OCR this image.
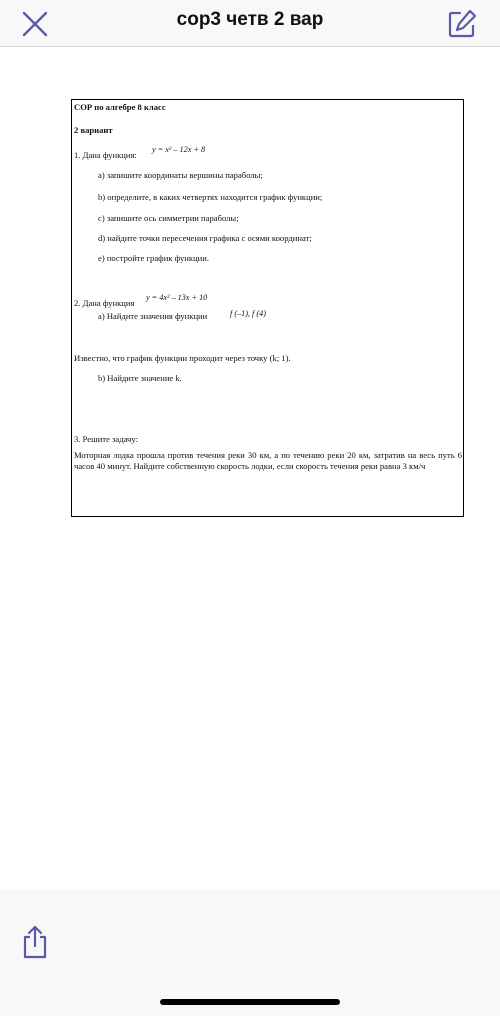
сор3 четв 2 вар
СОР по алгебре 8 класс
2 вариант
1. Дана функция:
y = x² – 12x + 8
a) запишите координаты вершины параболы;
b) определите, в каких четвертях находится график функции;
c) запишите ось симметрии параболы;
d) найдите точки пересечения графика с осями координат;
e) постройте график функции.
2. Дана функция
y = 4x² – 13x + 10
a) Найдите значения функции	f (–1), f (4)
Известно, что график функции проходит через точку (k; 1).
b) Найдите значение k.
3. Решите задачу:
Моторная лодка прошла против течения реки 30 км, а по течению реки 20 км, затратив на весь путь 6 часов 40 минут. Найдите собственную скорость лодки, если скорость течения реки равна 3 км/ч
